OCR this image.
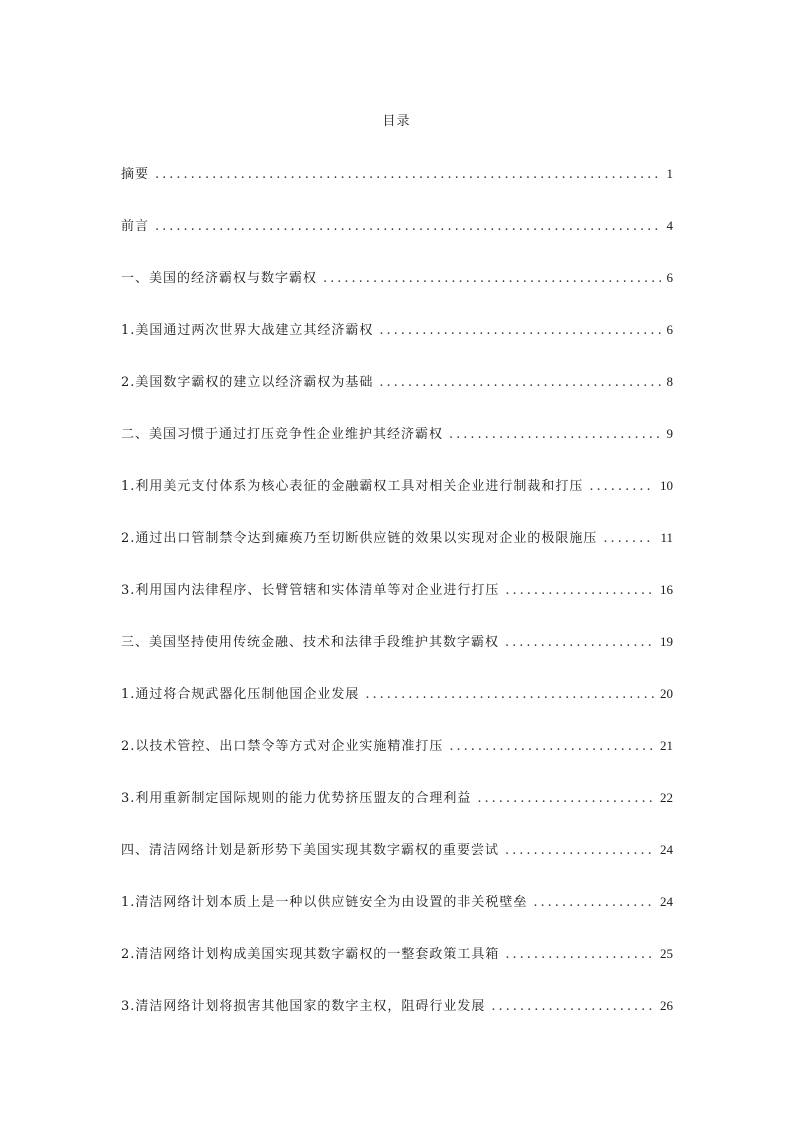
目录
摘要 .....	1
前言 .....	4
一、美国的经济霸权与数字霸权 .....	6
1.美国通过两次世界大战建立其经济霸权 .....	6
2.美国数字霸权的建立以经济霸权为基础 .....	8
二、美国习惯于通过打压竞争性企业维护其经济霸权 .....	9
1.利用美元支付体系为核心表征的金融霸权工具对相关企业进行制裁和打压 .....	10
2.通过出口管制禁令达到瘫痪乃至切断供应链的效果以实现对企业的极限施压 .....	11
3.利用国内法律程序、长臂管辖和实体清单等对企业进行打压 .....	16
三、美国坚持使用传统金融、技术和法律手段维护其数字霸权 .....	19
1.通过将合规武器化压制他国企业发展 .....	20
2.以技术管控、出口禁令等方式对企业实施精准打压 .....	21
3.利用重新制定国际规则的能力优势挤压盟友的合理利益 .....	22
四、清洁网络计划是新形势下美国实现其数字霸权的重要尝试 .....	24
1.清洁网络计划本质上是一种以供应链安全为由设置的非关税壁垒 .....	24
2.清洁网络计划构成美国实现其数字霸权的一整套政策工具箱 .....	25
3.清洁网络计划将损害其他国家的数字主权，阻碍行业发展 .....	26
